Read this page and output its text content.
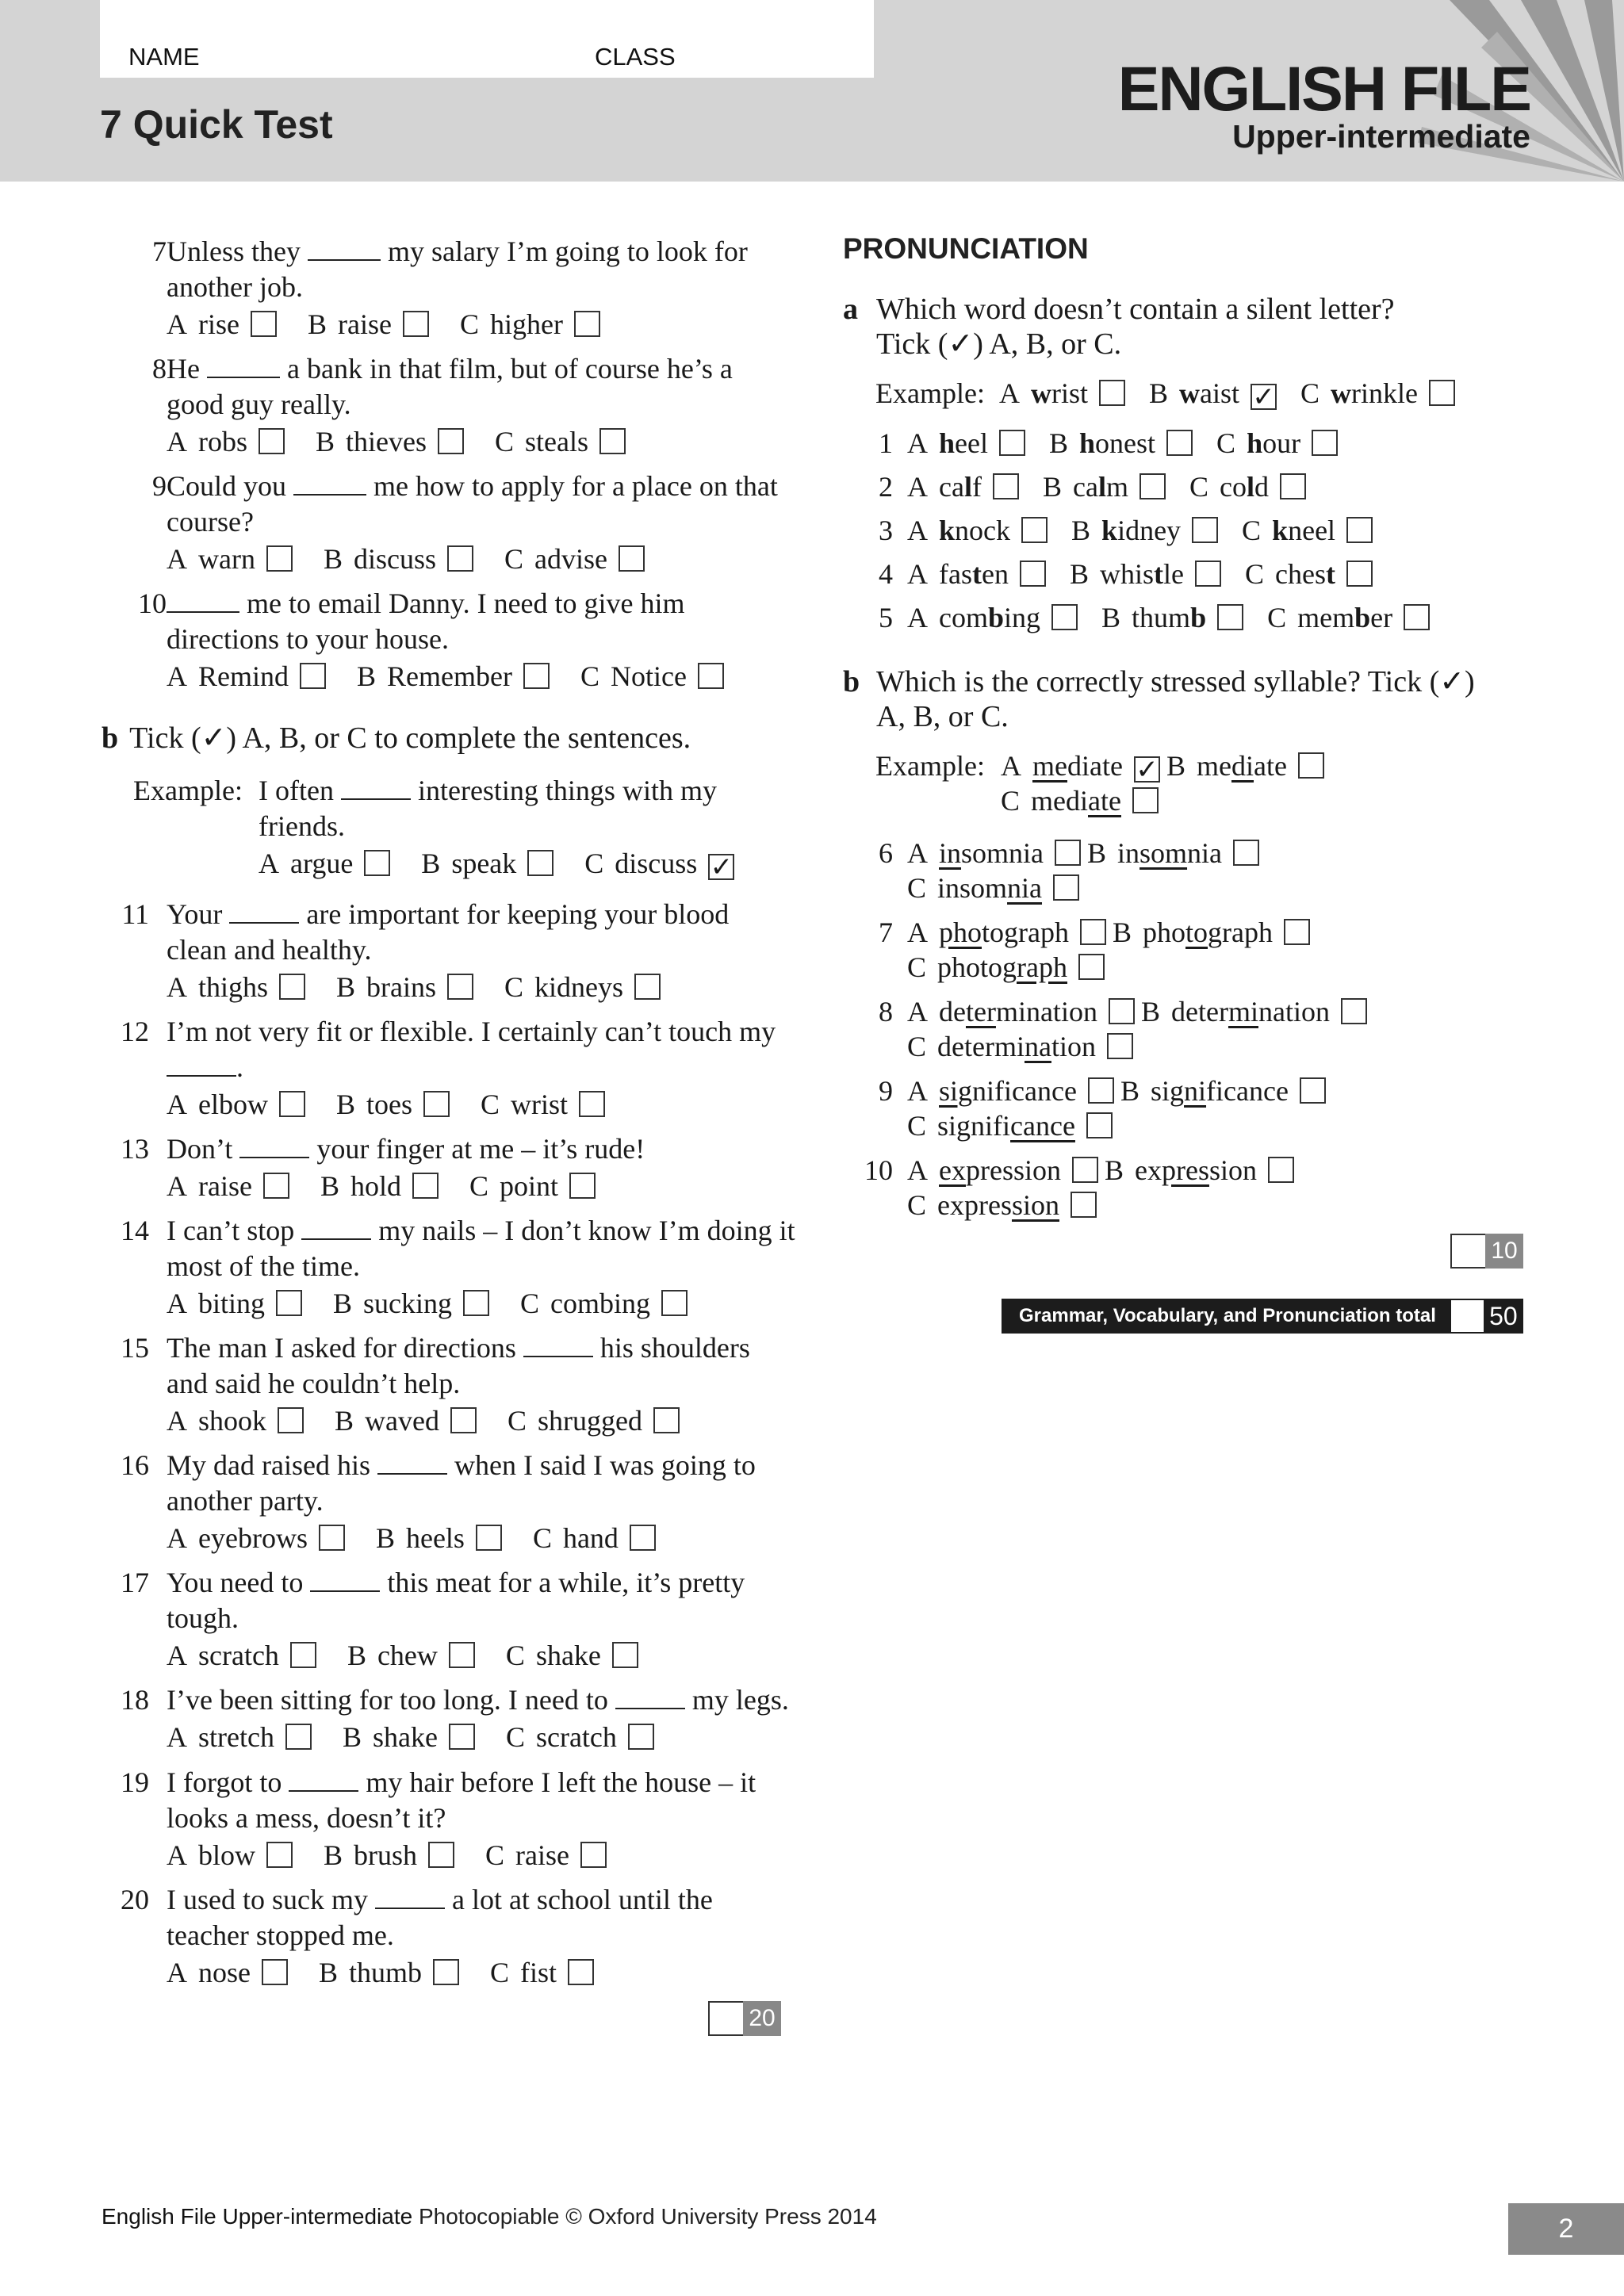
NAME	CLASS
7 Quick Test
ENGLISH FILE
Upper-intermediate
7 Unless they	my salary I’m going to look for
another job.
A rise B raise C higher
8 He	a bank in that film, but of course he’s a
good guy really.
A robs B thieves C steals
9 Could you	me how to apply for a place on that
course?
A warn B discuss C advise
10	me to email Danny. I need to give him
directions to your house.
A Remind B Remember C Notice
b Tick (✓) A, B, or C to complete the sentences.
Example: I often	interesting things with my
friends.
A argue B speak C discuss ✓
11 Your	are important for keeping your blood
clean and healthy.
A thighs B brains C kidneys
12 I’m not very fit or flexible. I certainly can’t touch my
.
A elbow B toes C wrist
13 Don’t	your finger at me – it’s rude!
A raise B hold C point
14 I can’t stop	my nails – I don’t know I’m doing it
most of the time.
A biting B sucking C combing
15 The man I asked for directions	his shoulders
and said he couldn’t help.
A shook B waved C shrugged
16 My dad raised his	when I said I was going to
another party.
A eyebrows B heels C hand
17 You need to	this meat for a while, it’s pretty
tough.
A scratch B chew C shake
18 I’ve been sitting for too long. I need to	my legs.
A stretch B shake C scratch
19 I forgot to	my hair before I left the house – it
looks a mess, doesn’t it?
A blow B brush C raise
20 I used to suck my	a lot at school until the
teacher stopped me.
A nose B thumb C fist
20
PRONUNCIATION
a Which word doesn’t contain a silent letter?
Tick (✓) A, B, or C.
Example: A wrist B waist ✓ C wrinkle
1 A heel B honest C hour
2 A calf B calm C cold
3 A knock B kidney C kneel
4 A fasten B whistle C chest
5 A combing B thumb C member
b Which is the correctly stressed syllable? Tick (✓)
A, B, or C.
Example: A mediate ✓ B mediate
C mediate
6 A insomnia	B insomnia
C insomnia
7 A photograph	B photograph
C photograph
8 A determination	B determination
C determination
9 A significance	B significance
C significance
10 A expression	B expression
C expression
10
Grammar, Vocabulary, and Pronunciation total	50
English File Upper-intermediate Photocopiable © Oxford University Press 2014	2
